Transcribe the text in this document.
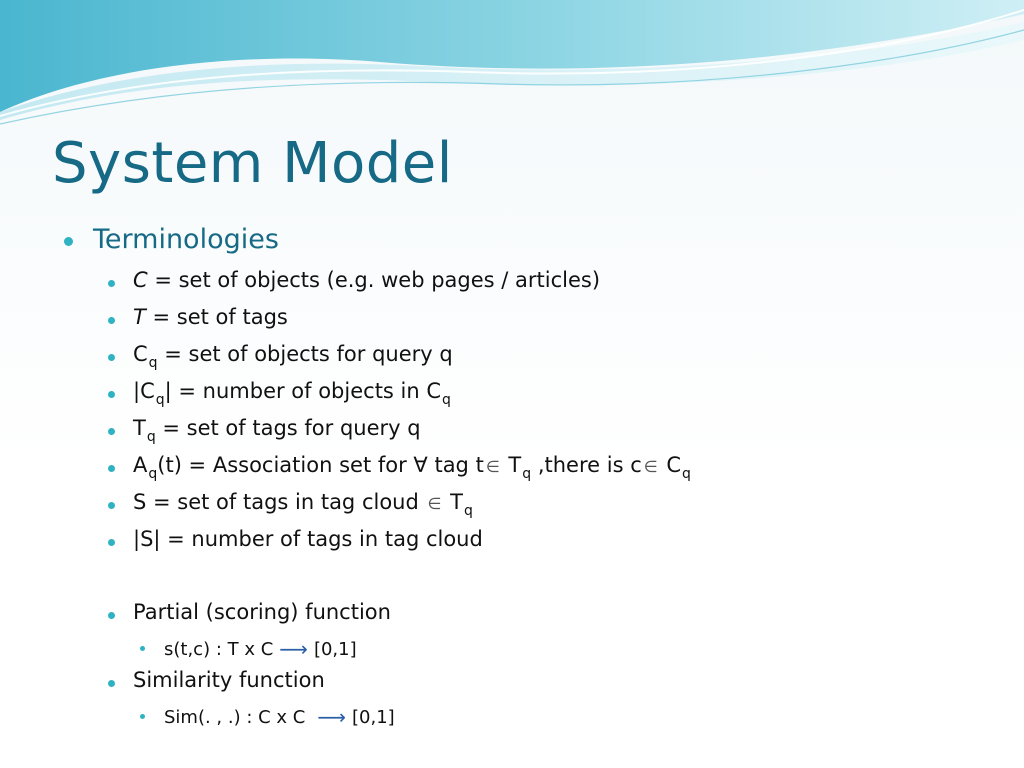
System Model
Terminologies
C = set of objects (e.g. web pages / articles)
T = set of tags
$C_q$ = set of objects for query q
$|C_q|$ = number of objects in $C_q$
$T_q$ = set of tags for query q
$A_q(t)$ = Association set for ∀ tag t ∈ $T_q$ ,there is c ∈ $C_q$
S = set of tags in tag cloud ∈ $T_q$
|S| = number of tags in tag cloud
Partial (scoring) function
s(t,c) : T x C ⟶ [0,1]
Similarity function
Sim(. , .) : C x C ⟶ [0,1]
